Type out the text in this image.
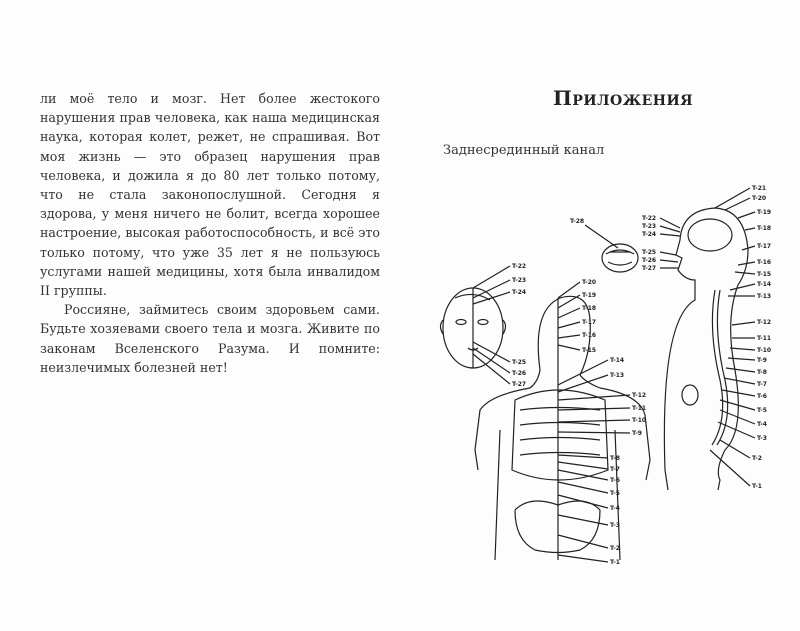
ли моё тело и мозг. Нет более жестокого нарушения прав человека, как наша медицинская наука, которая колет, режет, не спрашивая. Вот моя жизнь — это образец нарушения прав человека, и дожила я до 80 лет только потому, что не стала законопослушной. Сегодня я здорова, у меня ничего не болит, всегда хорошее настроение, высокая работоспособность, и всё это только потому, что уже 35 лет я не пользуюсь услугами нашей медицины, хотя была инвалидом II группы.

Россияне, займитесь своим здоровьем сами. Будьте хозяевами своего тела и мозга. Живите по законам Вселенского Разума. И помните: неизлечимых болезней нет!

Приложения
Заднесрединный канал
T-22
T-23
T-24
T-25
T-26
T-27
T-28
T-20
T-19
T-18
T-17
T-16
T-15
T-14
T-13
T-12
T-11
T-10
T-9
T-8
T-7
T-6
T-5
T-4
T-3
T-2
T-1
T-22
T-23
T-24
T-25
T-26
T-27
T-21
T-20
T-19
T-18
T-17
T-16
T-15
T-14
T-13
T-12
T-11
T-10
T-9
T-8
T-7
T-6
T-5
T-4
T-3
T-2
T-1
